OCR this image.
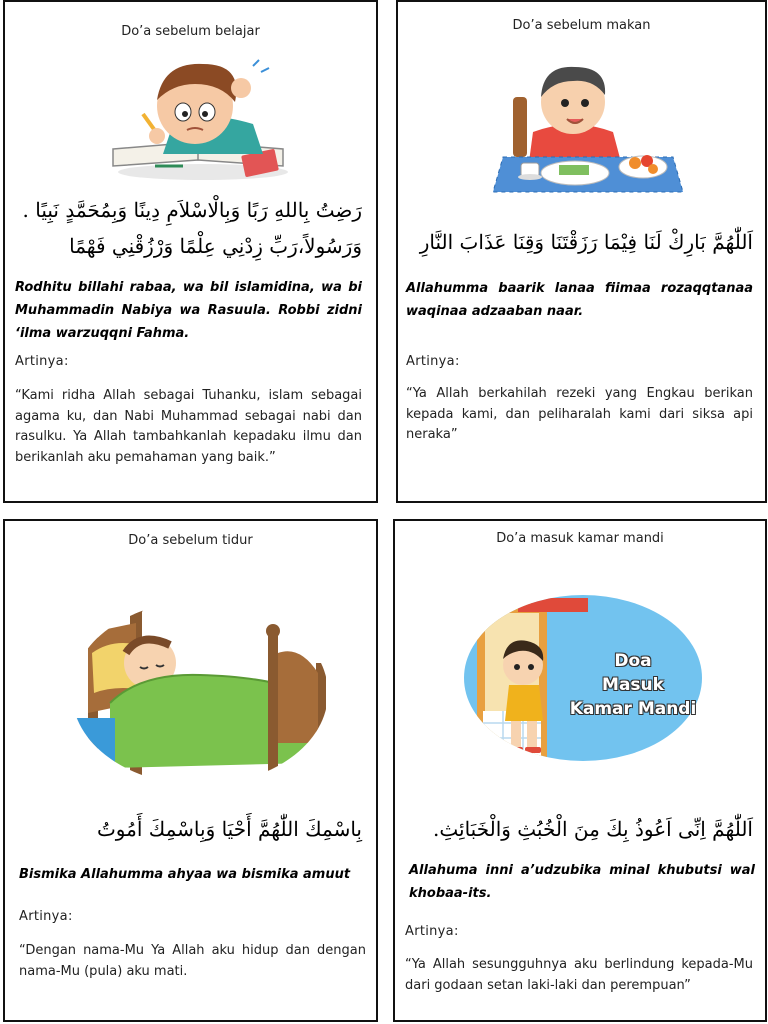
Do’a sebelum belajar
رَضِتُ بِاللهِ رَبًا وَبِالْاسْلاَمِ دِينًا وَبِمُحَمَّدٍ نَبِيًا .
وَرَسُولاً،رَبِّ زِدْنِي عِلْمًا وَرْزُقْنِي فَهْمًا
Rodhitu billahi rabaa, wa bil islamidina, wa bi Muhammadin Nabiya wa Rasuula. Robbi zidni ‘ilma warzuqqni Fahma.
Artinya:
“Kami ridha Allah sebagai Tuhanku, islam sebagai agama ku, dan Nabi Muhammad sebagai nabi dan rasulku. Ya Allah tambahkanlah kepadaku ilmu dan berikanlah aku pemahaman yang baik.”
Do’a sebelum makan
اَللّٰهُمَّ بَارِكْ لَنَا فِيْمَا رَزَقْتَنَا وَقِنَا عَذَابَ النَّارِ
Allahumma baarik lanaa fiimaa rozaqqtanaa waqinaa adzaaban naar.
Artinya:
“Ya Allah berkahilah rezeki yang Engkau berikan kepada kami, dan peliharalah kami dari siksa api neraka”
Do’a sebelum tidur
بِاسْمِكَ اللّٰهُمَّ أَحْيَا وَبِاسْمِكَ أَمُوتُ
Bismika Allahumma ahyaa wa bismika amuut
Artinya:
“Dengan nama-Mu Ya Allah aku hidup dan dengan nama-Mu (pula) aku mati.
Do’a masuk kamar mandi
Doa
Masuk
Kamar Mandi
اَللّٰهُمَّ اِنِّى اَعُوذُ بِكَ مِنَ الْخُبُثِ وَالْخَبَائِثِ.
Allahuma inni a’udzubika minal khubutsi wal khobaa-its.
Artinya:
“Ya Allah sesungguhnya aku berlindung kepada-Mu dari godaan setan laki-laki dan perempuan”
